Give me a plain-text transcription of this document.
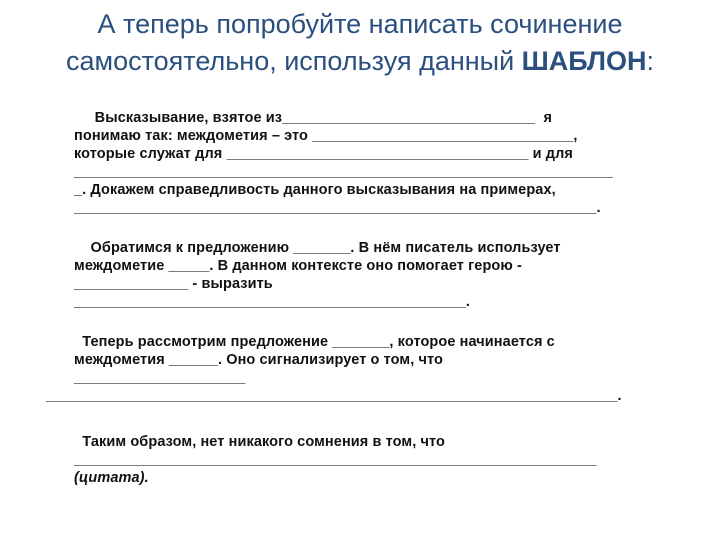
А теперь попробуйте написать сочинение
самостоятельно, используя данный ШАБЛОН:
Высказывание, взятое из_______________________________  я
понимаю так: междометия – это ________________________________,
которые служат для _____________________________________ и для
__________________________________________________________________
_. Докажем справедливость данного высказывания на примерах,
________________________________________________________________.
Обратимся к предложению _______. В нём писатель использует
междометие _____. В данном контексте оно помогает герою -
______________ - выразить
________________________________________________.
Теперь рассмотрим предложение _______, которое начинается с
междометия ______. Оно сигнализирует о том, что
_____________________
______________________________________________________________________.
Таким образом, нет никакого сомнения в том, что
________________________________________________________________
(цитата).
